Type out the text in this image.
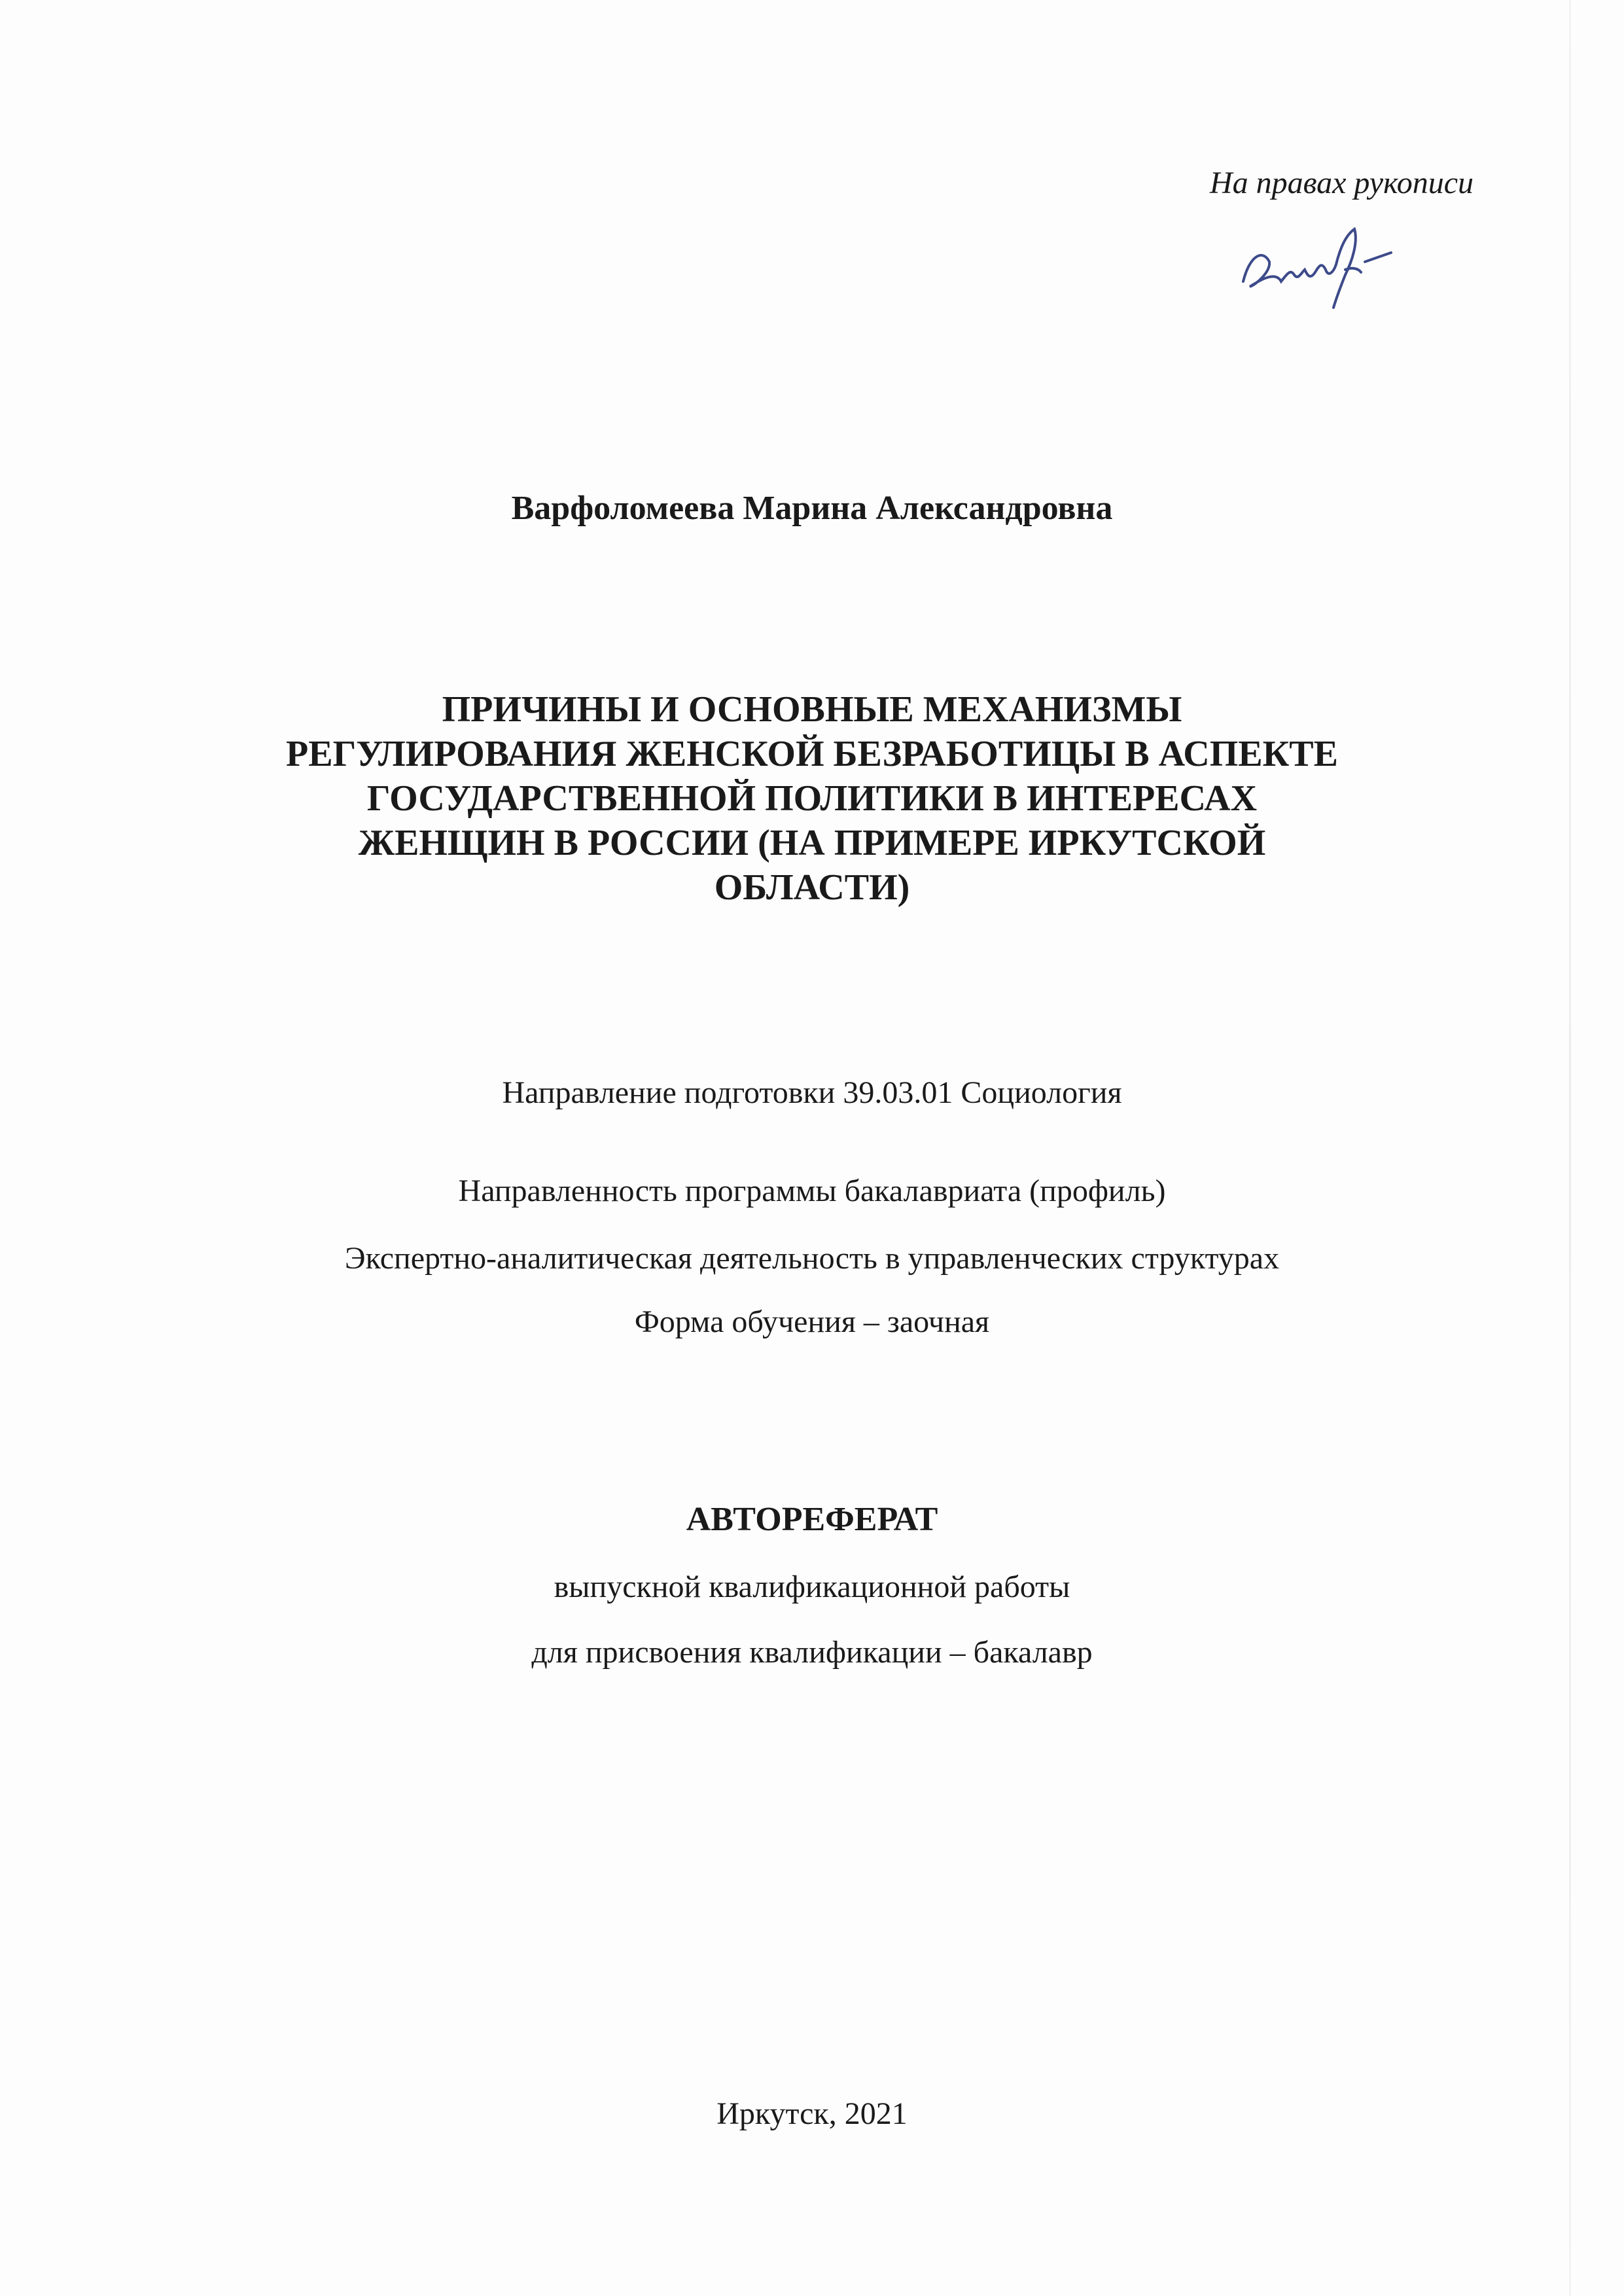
На правах рукописи
Варфоломеева Марина Александровна
ПРИЧИНЫ И ОСНОВНЫЕ МЕХАНИЗМЫ
РЕГУЛИРОВАНИЯ ЖЕНСКОЙ БЕЗРАБОТИЦЫ В АСПЕКТЕ
ГОСУДАРСТВЕННОЙ ПОЛИТИКИ В ИНТЕРЕСАХ
ЖЕНЩИН В РОССИИ (НА ПРИМЕРЕ ИРКУТСКОЙ
ОБЛАСТИ)
Направление подготовки 39.03.01 Социология
Направленность программы бакалавриата (профиль)
Экспертно-аналитическая деятельность в управленческих структурах
Форма обучения – заочная
АВТОРЕФЕРАТ
выпускной квалификационной работы
для присвоения квалификации – бакалавр
Иркутск, 2021
